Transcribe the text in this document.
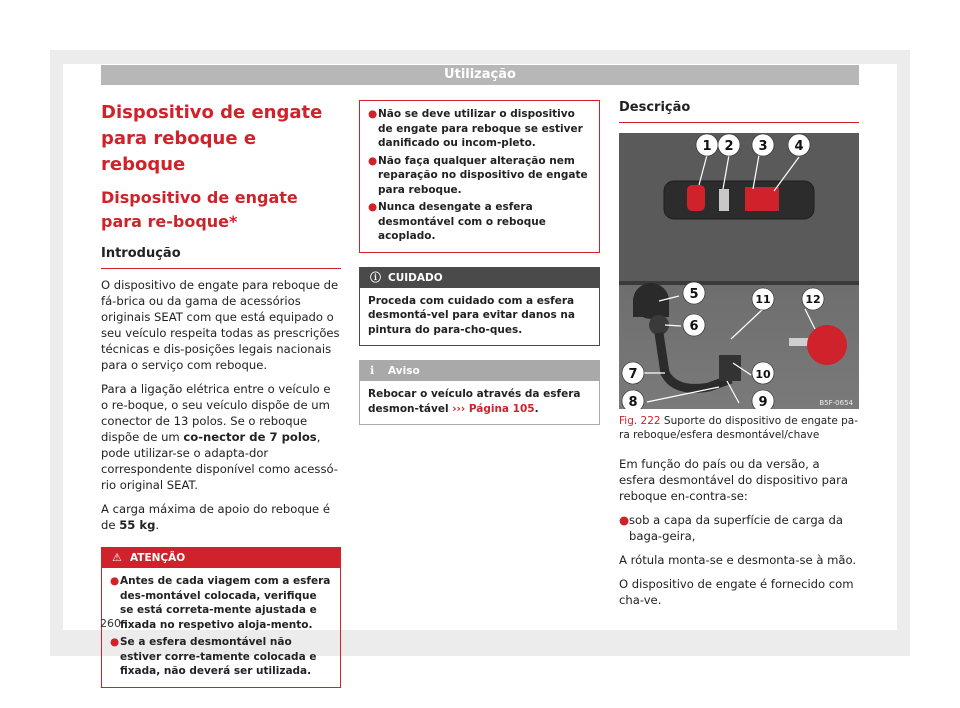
Utilização
Dispositivo de engate para reboque e reboque
Dispositivo de engate para re-boque*
Introdução

O dispositivo de engate para reboque de fá-brica ou da gama de acessórios originais SEAT com que está equipado o seu veículo respeita todas as prescrições técnicas e dis-posições legais nacionais para o serviço com reboque.

Para a ligação elétrica entre o veículo e o re-boque, o seu veículo dispõe de um conector de 13 polos. Se o reboque dispõe de um co-nector de 7 polos, pode utilizar-se o adapta-dor correspondente disponível como acessó-rio original SEAT.

A carga máxima de apoio do reboque é de 55 kg.

⚠ ATENÇÃO
● Antes de cada viagem com a esfera des-montável colocada, verifique se está correta-mente ajustada e fixada no respetivo aloja-mento.
● Se a esfera desmontável não estiver corre-tamente colocada e fixada, não deverá ser utilizada.
● Não se deve utilizar o dispositivo de engate para reboque se estiver danificado ou incom-pleto.
● Não faça qualquer alteração nem reparação no dispositivo de engate para reboque.
● Nunca desengate a esfera desmontável com o reboque acoplado.
ⓘ CUIDADO
Proceda com cuidado com a esfera desmontá-vel para evitar danos na pintura do para-cho-ques.
ℹ Aviso
Rebocar o veículo através da esfera desmon-tável ››› Página 105.
Descrição
1 2 3 4
5
6
7
8	9
10
11	12
B5F-0654
Fig. 222 Suporte do dispositivo de engate pa-ra reboque/esfera desmontável/chave

Em função do país ou da versão, a esfera desmontável do dispositivo para reboque en-contra-se:

● sob a capa da superfície de carga da baga-geira,

A rótula monta-se e desmonta-se à mão.

O dispositivo de engate é fornecido com cha-ve.

260
